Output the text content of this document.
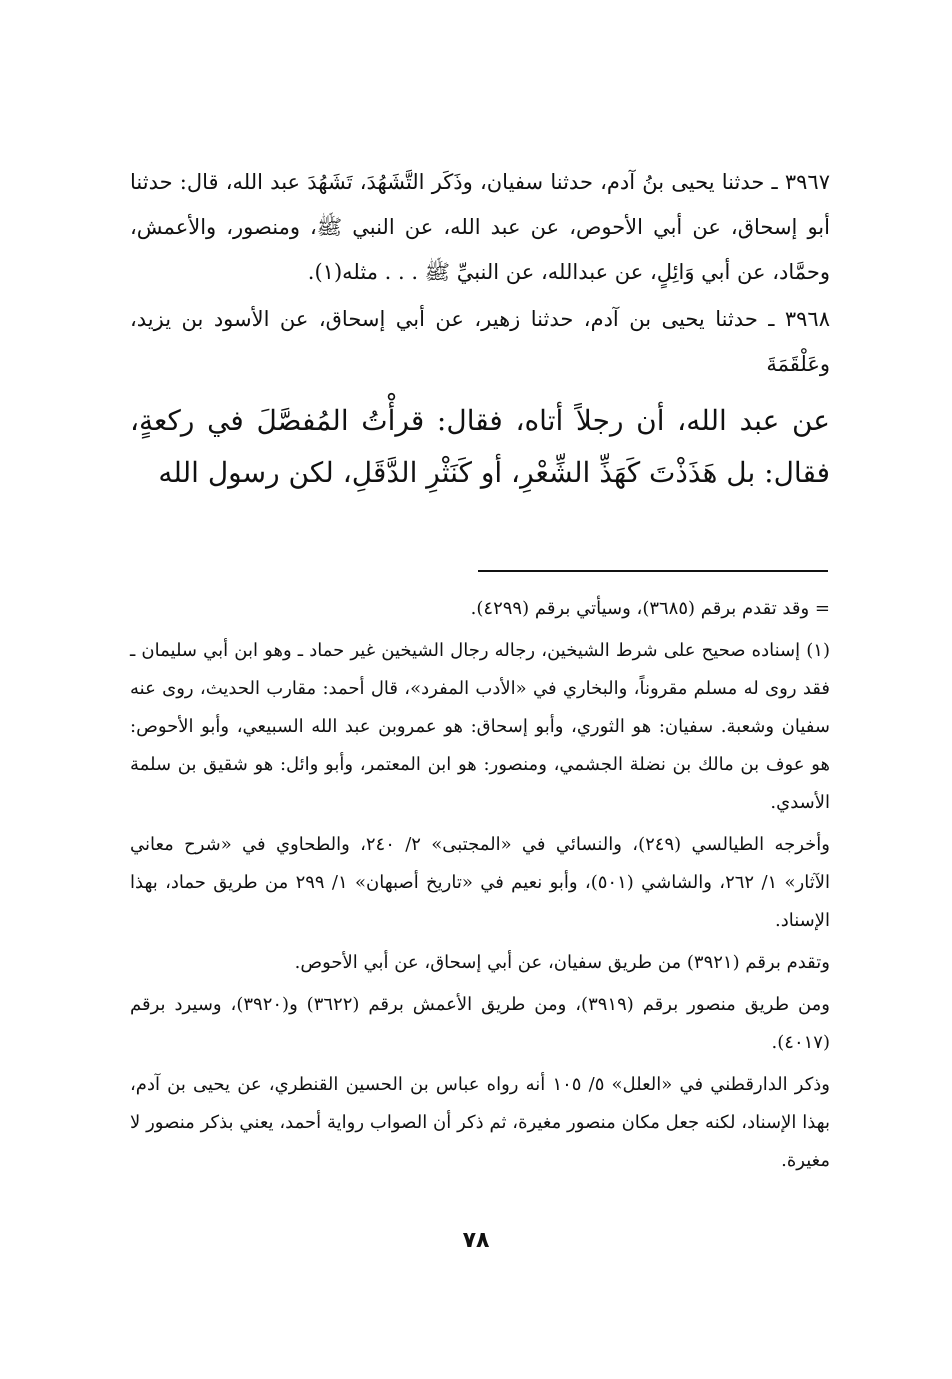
٣٩٦٧ ـ حدثنا يحيى بنُ آدم، حدثنا سفيان، وذَكَر التَّشَهُدَ، تَشَهُدَ عبد الله، قال: حدثنا أبو إسحاق، عن أبي الأحوص، عن عبد الله، عن النبي ﷺ، ومنصور، والأعمش، وحمَّاد، عن أبي وَائِلٍ، عن عبدالله، عن النبيِّ ﷺ . . . مثله(١).

٣٩٦٨ ـ حدثنا يحيى بن آدم، حدثنا زهير، عن أبي إسحاق، عن الأسود بن يزيد، وعَلْقَمَةَ

عن عبد الله، أن رجلاً أتاه، فقال: قرأْتُ المُفصَّلَ في ركعةٍ، فقال: بل هَذَذْتَ كَهَذِّ الشِّعْرِ، أو كَنَثْرِ الدَّقَلِ، لكن رسول الله

= وقد تقدم برقم (٣٦٨٥)، وسيأتي برقم (٤٢٩٩).

(١) إسناده صحيح على شرط الشيخين، رجاله رجال الشيخين غير حماد ـ وهو ابن أبي سليمان ـ فقد روى له مسلم مقروناً، والبخاري في «الأدب المفرد»، قال أحمد: مقارب الحديث، روى عنه سفيان وشعبة. سفيان: هو الثوري، وأبو إسحاق: هو عمروبن عبد الله السبيعي، وأبو الأحوص: هو عوف بن مالك بن نضلة الجشمي، ومنصور: هو ابن المعتمر، وأبو وائل: هو شقيق بن سلمة الأسدي.

وأخرجه الطيالسي (٢٤٩)، والنسائي في «المجتبى» ٢/ ٢٤٠، والطحاوي في «شرح معاني الآثار» ١/ ٢٦٢، والشاشي (٥٠١)، وأبو نعيم في «تاريخ أصبهان» ١/ ٢٩٩ من طريق حماد، بهذا الإسناد.

وتقدم برقم (٣٩٢١) من طريق سفيان، عن أبي إسحاق، عن أبي الأحوص.

ومن طريق منصور برقم (٣٩١٩)، ومن طريق الأعمش برقم (٣٦٢٢) و(٣٩٢٠)، وسيرد برقم (٤٠١٧).

وذكر الدارقطني في «العلل» ٥/ ١٠٥ أنه رواه عباس بن الحسين القنطري، عن يحيى بن آدم، بهذا الإسناد، لكنه جعل مكان منصور مغيرة، ثم ذكر أن الصواب رواية أحمد، يعني بذكر منصور لا مغيرة.

٧٨
